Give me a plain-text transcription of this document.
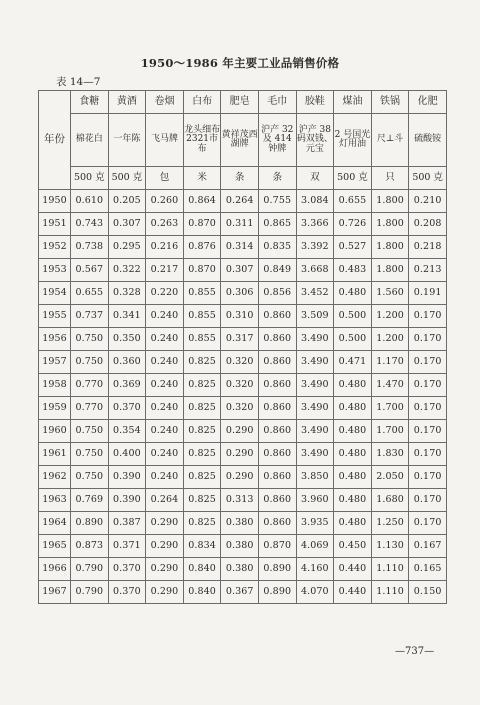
1950～1986 年主要工业品销售价格
表 14—7
年份	食糖	黄酒	卷烟	白布	肥皂	毛巾	胶鞋	煤油	铁锅	化肥
	棉花白	一年陈	飞马牌	龙头细布2321市布	黄祥茂西湖牌	沪产 32及 414钟牌	沪产 38码双钱、元宝	2 号国光灯用油	尺⊥斗	硫酸铵
	500 克	500 克	包	米	条	条	双	500 克	只	500 克
1950	0.610	0.205	0.260	0.864	0.264	0.755	3.084	0.655	1.800	0.210
1951	0.743	0.307	0.263	0.870	0.311	0.865	3.366	0.726	1.800	0.208
1952	0.738	0.295	0.216	0.876	0.314	0.835	3.392	0.527	1.800	0.218
1953	0.567	0.322	0.217	0.870	0.307	0.849	3.668	0.483	1.800	0.213
1954	0.655	0.328	0.220	0.855	0.306	0.856	3.452	0.480	1.560	0.191
1955	0.737	0.341	0.240	0.855	0.310	0.860	3.509	0.500	1.200	0.170
1956	0.750	0.350	0.240	0.855	0.317	0.860	3.490	0.500	1.200	0.170
1957	0.750	0.360	0.240	0.825	0.320	0.860	3.490	0.471	1.170	0.170
1958	0.770	0.369	0.240	0.825	0.320	0.860	3.490	0.480	1.470	0.170
1959	0.770	0.370	0.240	0.825	0.320	0.860	3.490	0.480	1.700	0.170
1960	0.750	0.354	0.240	0.825	0.290	0.860	3.490	0.480	1.700	0.170
1961	0.750	0.400	0.240	0.825	0.290	0.860	3.490	0.480	1.830	0.170
1962	0.750	0.390	0.240	0.825	0.290	0.860	3.850	0.480	2.050	0.170
1963	0.769	0.390	0.264	0.825	0.313	0.860	3.960	0.480	1.680	0.170
1964	0.890	0.387	0.290	0.825	0.380	0.860	3.935	0.480	1.250	0.170
1965	0.873	0.371	0.290	0.834	0.380	0.870	4.069	0.450	1.130	0.167
1966	0.790	0.370	0.290	0.840	0.380	0.890	4.160	0.440	1.110	0.165
1967	0.790	0.370	0.290	0.840	0.367	0.890	4.070	0.440	1.110	0.150
—737—
